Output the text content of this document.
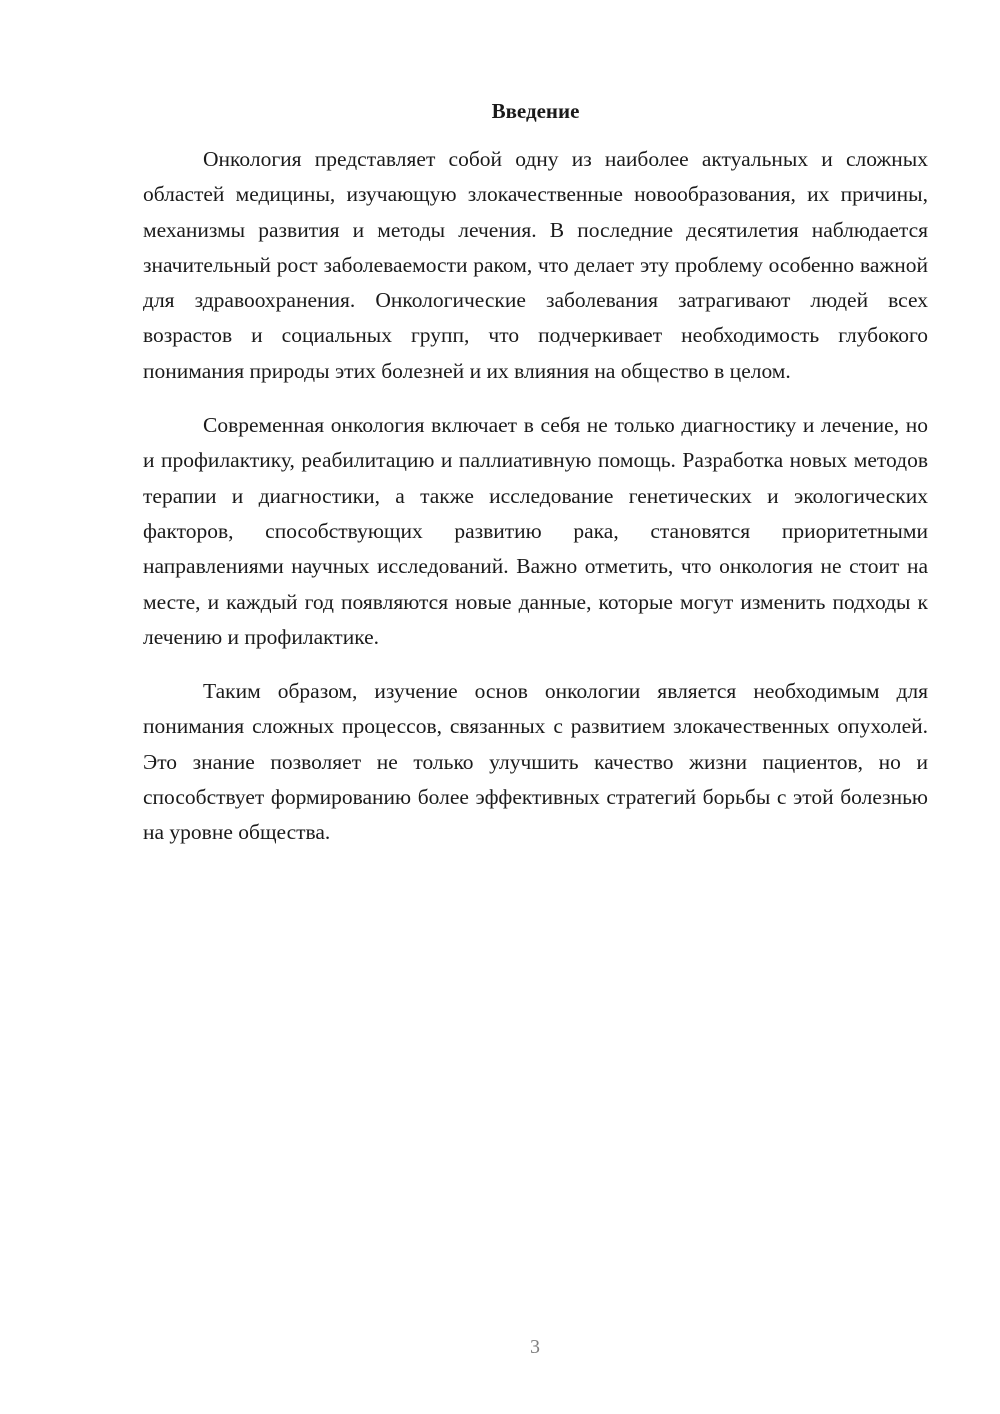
Введение

Онкология представляет собой одну из наиболее актуальных и сложных областей медицины, изучающую злокачественные новообразования, их причины, механизмы развития и методы лечения. В последние десятилетия наблюдается значительный рост заболеваемости раком, что делает эту проблему особенно важной для здравоохранения. Онкологические заболевания затрагивают людей всех возрастов и социальных групп, что подчеркивает необходимость глубокого понимания природы этих болезней и их влияния на общество в целом.

Современная онкология включает в себя не только диагностику и лечение, но и профилактику, реабилитацию и паллиативную помощь. Разработка новых методов терапии и диагностики, а также исследование генетических и экологических факторов, способствующих развитию рака, становятся приоритетными направлениями научных исследований. Важно отметить, что онкология не стоит на месте, и каждый год появляются новые данные, которые могут изменить подходы к лечению и профилактике.

Таким образом, изучение основ онкологии является необходимым для понимания сложных процессов, связанных с развитием злокачественных опухолей. Это знание позволяет не только улучшить качество жизни пациентов, но и способствует формированию более эффективных стратегий борьбы с этой болезнью на уровне общества.

3
